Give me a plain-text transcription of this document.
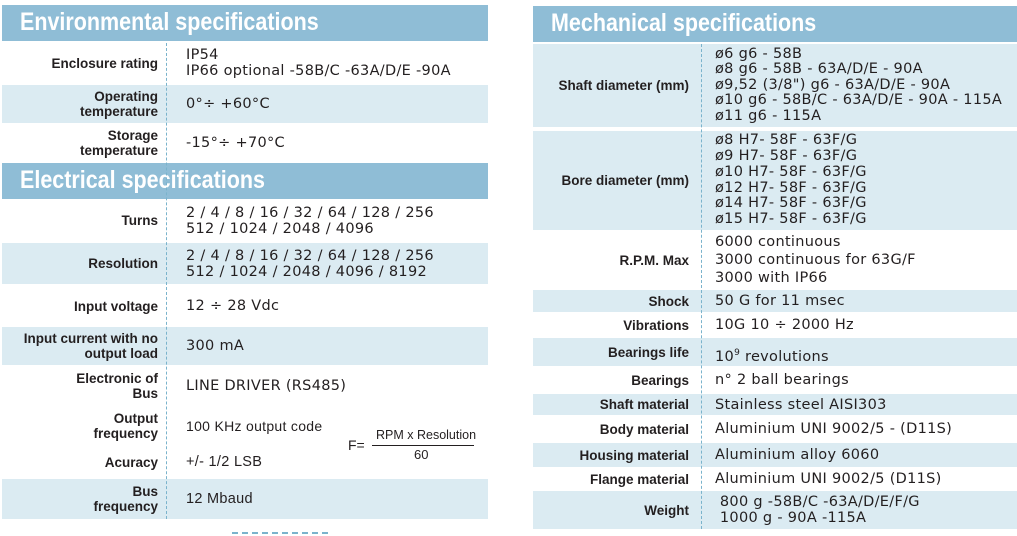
Environmental specifications
Enclosure rating IP54
IP66 optional -58B/C -63A/D/E -90A
Operating
temperature 0°÷ +60°C
Storage
temperature -15°÷ +70°C
Electrical specifications
Turns 2 / 4 / 8 / 16 / 32 / 64 / 128 / 256
512 / 1024 / 2048 / 4096
Resolution 2 / 4 / 8 / 16 / 32 / 64 / 128 / 256
512 / 1024 / 2048 / 4096 / 8192
Input voltage 12 ÷ 28 Vdc
Input current with no
output load 300 mA
Electronic of
Bus LINE DRIVER (RS485)
Output
frequency 100 KHz output code
Acuracy +/- 1/2 LSB
Bus
frequency 12 Mbaud
F=
RPM x Resolution
60
Mechanical specifications
Shaft diameter (mm)
ø6 g6 - 58B
ø8 g6 - 58B - 63A/D/E - 90A
ø9,52 (3/8") g6 - 63A/D/E - 90A
ø10 g6 - 58B/C - 63A/D/E - 90A - 115A
ø11 g6 - 115A
Bore diameter (mm)
ø8 H7- 58F - 63F/G
ø9 H7- 58F - 63F/G
ø10 H7- 58F - 63F/G
ø12 H7- 58F - 63F/G
ø14 H7- 58F - 63F/G
ø15 H7- 58F - 63F/G
R.P.M. Max
6000 continuous
3000 continuous for 63G/F
3000 with IP66
Shock 50 G for 11 msec
Vibrations 10G 10 ÷ 2000 Hz
Bearings life $10^9$ revolutions
Bearings n° 2 ball bearings
Shaft material Stainless steel AISI303
Body material Aluminium UNI 9002/5 - (D11S)
Housing material Aluminium alloy 6060
Flange material Aluminium UNI 9002/5 (D11S)
Weight 800 g -58B/C -63A/D/E/F/G
1000 g - 90A -115A
